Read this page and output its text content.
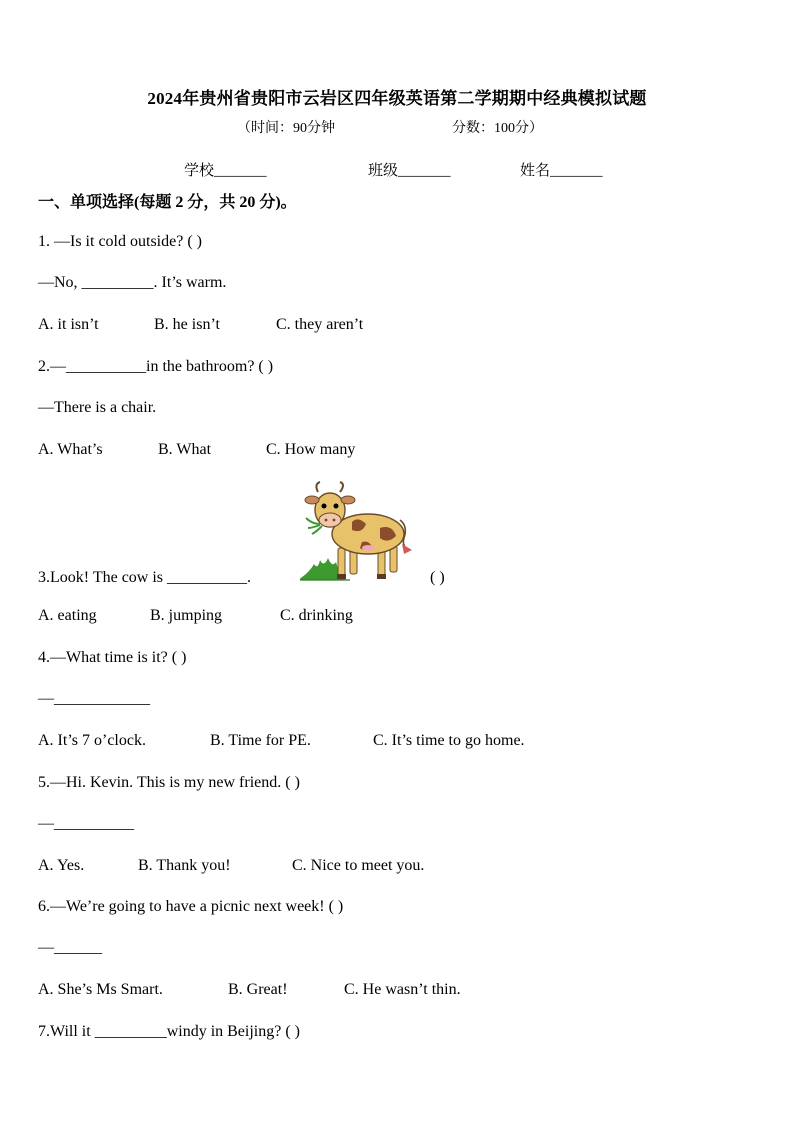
2024年贵州省贵阳市云岩区四年级英语第二学期期中经典模拟试题
（时间：90分钟	分数：100分）
学校_______	班级_______	姓名_______
一、单项选择(每题 2 分，共 20 分)。
1. —Is it cold outside? ( )
—No, _________. It’s warm.
A. it isn’t	B. he isn’t	C. they aren’t
2.—__________in the bathroom? ( )
—There is a chair.
A. What’s	B. What	C. How many
3.Look! The cow is __________.	( )
A. eating	B. jumping	C. drinking
4.—What time is it? ( )
—____________
A. It’s 7 o’clock.	B. Time for PE.	C. It’s time to go home.
5.—Hi. Kevin. This is my new friend. ( )
—__________
A. Yes.	B. Thank you!	C. Nice to meet you.
6.—We’re going to have a picnic next week! ( )
—______
A. She’s Ms Smart.	B. Great!	C. He wasn’t thin.
7.Will it _________windy in Beijing? ( )
